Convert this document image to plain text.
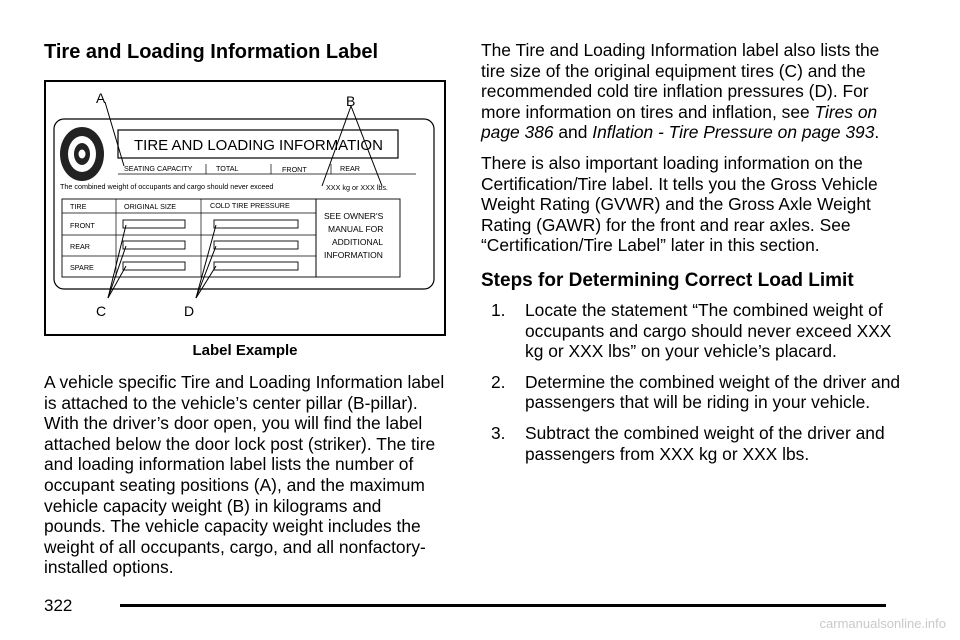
Tire and Loading Information Label
TIRE AND LOADING INFORMATION
SEATING CAPACITY	TOTAL	FRONT	REAR
The combined weight of occupants and cargo should never exceed	XXX kg or XXX lbs.
TIRE	ORIGINAL SIZE	COLD TIRE PRESSURE
FRONT
REAR
SPARE
SEE OWNER'S
MANUAL FOR
ADDITIONAL
INFORMATION
A	B
C	D
Label Example

A vehicle specific Tire and Loading Information label is attached to the vehicle’s center pillar (B-pillar). With the driver’s door open, you will find the label attached below the door lock post (striker). The tire and loading information label lists the number of occupant seating positions (A), and the maximum vehicle capacity weight (B) in kilograms and pounds. The vehicle capacity weight includes the weight of all occupants, cargo, and all nonfactory-installed options.

The Tire and Loading Information label also lists the tire size of the original equipment tires (C) and the recommended cold tire inflation pressures (D). For more information on tires and inflation, see Tires on page 386 and Inflation - Tire Pressure on page 393.

There is also important loading information on the Certification/Tire label. It tells you the Gross Vehicle Weight Rating (GVWR) and the Gross Axle Weight Rating (GAWR) for the front and rear axles. See “Certification/Tire Label” later in this section.

Steps for Determining Correct Load Limit
1. Locate the statement “The combined weight of occupants and cargo should never exceed XXX kg or XXX lbs” on your vehicle’s placard.
2. Determine the combined weight of the driver and passengers that will be riding in your vehicle.
3. Subtract the combined weight of the driver and passengers from XXX kg or XXX lbs.
322
carmanualsonline.info
